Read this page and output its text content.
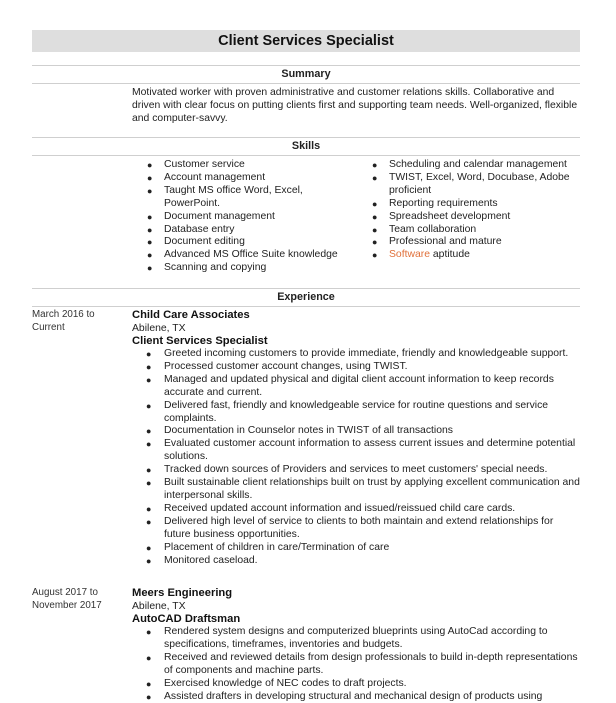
Client Services Specialist
Summary
Motivated worker with proven administrative and customer relations skills. Collaborative and driven with clear focus on putting clients first and supporting team needs. Well-organized, flexible and computer-savvy.
Skills
● Customer service
● Account management
● Taught MS office Word, Excel, PowerPoint.
● Document management
● Database entry
● Document editing
● Advanced MS Office Suite knowledge
● Scanning and copying
● Scheduling and calendar management
● TWIST, Excel, Word, Docubase, Adobe proficient
● Reporting requirements
● Spreadsheet development
● Team collaboration
● Professional and mature
● Software aptitude
Experience
March 2016 to Current
Child Care Associates
Abilene, TX
Client Services Specialist
● Greeted incoming customers to provide immediate, friendly and knowledgeable support.
● Processed customer account changes, using TWIST.
● Managed and updated physical and digital client account information to keep records accurate and current.
● Delivered fast, friendly and knowledgeable service for routine questions and service complaints.
● Documentation in Counselor notes in TWIST of all transactions
● Evaluated customer account information to assess current issues and determine potential solutions.
● Tracked down sources of Providers and services to meet customers' special needs.
● Built sustainable client relationships built on trust by applying excellent communication and interpersonal skills.
● Received updated account information and issued/reissued child care cards.
● Delivered high level of service to clients to both maintain and extend relationships for future business opportunities.
● Placement of children in care/Termination of care
● Monitored caseload.
August 2017 to November 2017
Meers Engineering
Abilene, TX
AutoCAD Draftsman
● Rendered system designs and computerized blueprints using AutoCad according to specifications, timeframes, inventories and budgets.
● Received and reviewed details from design professionals to build in-depth representations of components and machine parts.
● Exercised knowledge of NEC codes to draft projects.
● Assisted drafters in developing structural and mechanical design of products using
